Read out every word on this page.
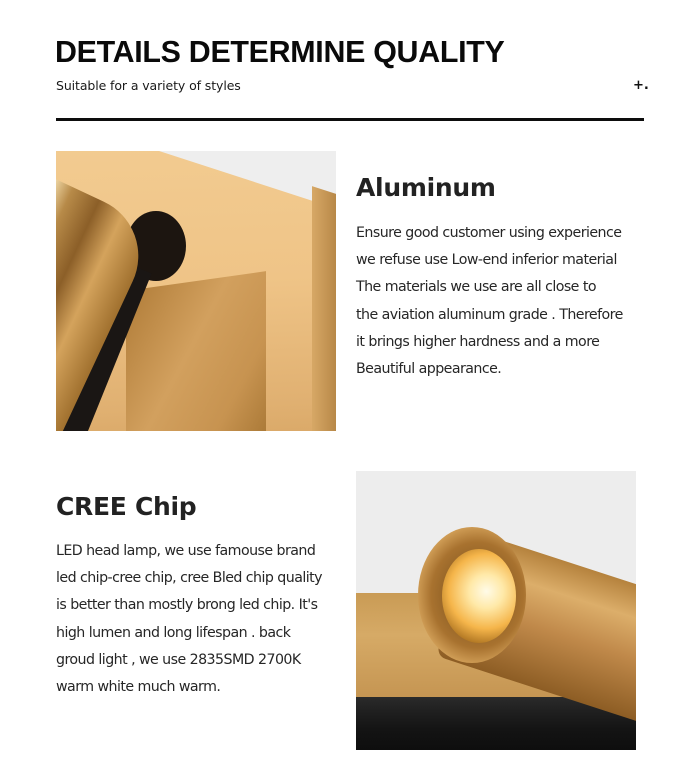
DETAILS DETERMINE QUALITY
Suitable for a variety of styles	+.
Aluminum
Ensure good customer using experience
we refuse use Low-end inferior material
The materials we use are all close to
the aviation aluminum grade . Therefore
it brings higher hardness and a more
Beautiful appearance.
CREE Chip
LED head lamp, we use famouse brand
led chip-cree chip, cree Bled chip quality
is better than mostly brong led chip. It's
high lumen and long lifespan . back
groud light , we use 2835SMD 2700K
warm white much warm.
